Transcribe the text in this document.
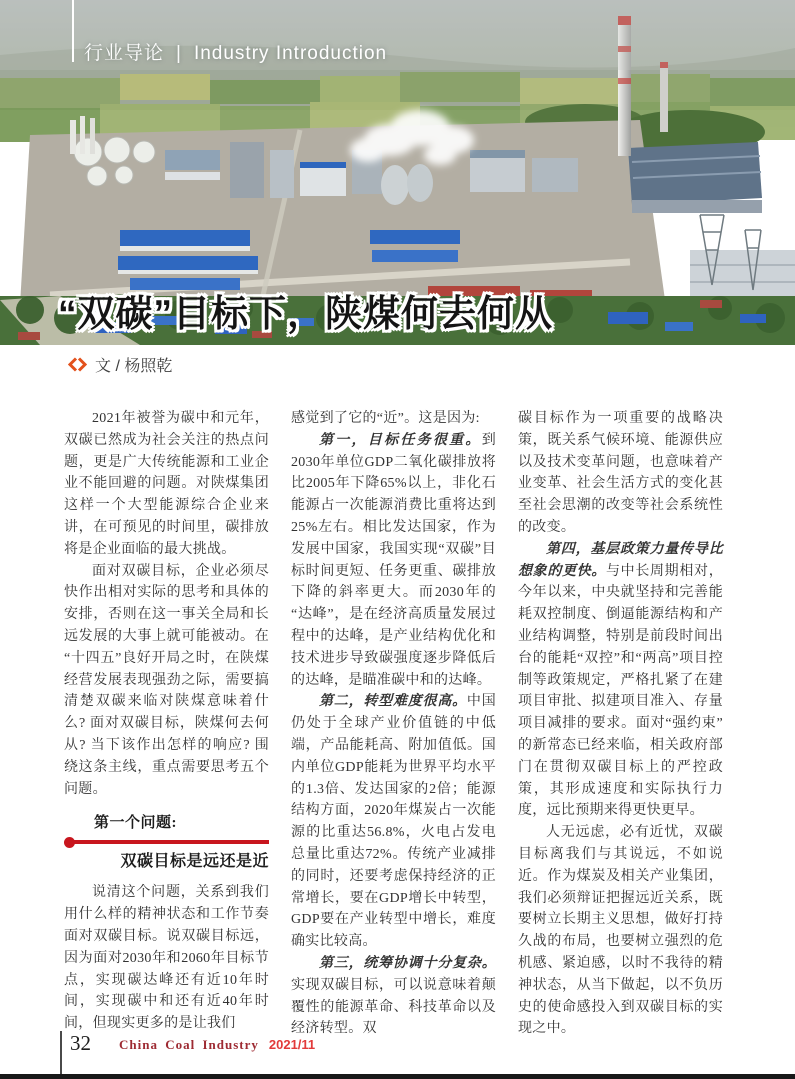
行业导论 | Industry Introduction
“双碳”目标下，陕煤何去何从
文 / 杨照乾

2021年被誉为碳中和元年，双碳已然成为社会关注的热点问题，更是广大传统能源和工业企业不能回避的问题。对陕煤集团这样一个大型能源综合企业来讲，在可预见的时间里，碳排放将是企业面临的最大挑战。

面对双碳目标，企业必须尽快作出相对实际的思考和具体的安排，否则在这一事关全局和长远发展的大事上就可能被动。在“十四五”良好开局之时，在陕煤经营发展表现强劲之际，需要搞清楚双碳来临对陕煤意味着什么? 面对双碳目标，陕煤何去何从? 当下该作出怎样的响应? 围绕这条主线，重点需要思考五个问题。

第一个问题:
双碳目标是远还是近

说清这个问题，关系到我们用什么样的精神状态和工作节奏面对双碳目标。说双碳目标远，因为面对2030年和2060年目标节点，实现碳达峰还有近10年时间，实现碳中和还有近40年时间，但现实更多的是让我们

感觉到了它的“近”。这是因为:

第一，目标任务很重。到2030年单位GDP二氧化碳排放将比2005年下降65%以上，非化石能源占一次能源消费比重将达到25%左右。相比发达国家，作为发展中国家，我国实现“双碳”目标时间更短、任务更重、碳排放下降的斜率更大。而2030年的“达峰”，是在经济高质量发展过程中的达峰，是产业结构优化和技术进步导致碳强度逐步降低后的达峰，是瞄准碳中和的达峰。

第二，转型难度很高。中国仍处于全球产业价值链的中低端，产品能耗高、附加值低。国内单位GDP能耗为世界平均水平的1.3倍、发达国家的2倍；能源结构方面，2020年煤炭占一次能源的比重达56.8%，火电占发电总量比重达72%。传统产业减排的同时，还要考虑保持经济的正常增长，要在GDP增长中转型，GDP要在产业转型中增长，难度确实比较高。

第三，统筹协调十分复杂。实现双碳目标，可以说意味着颠覆性的能源革命、科技革命以及经济转型。双

碳目标作为一项重要的战略决策，既关系气候环境、能源供应以及技术变革问题，也意味着产业变革、社会生活方式的变化甚至社会思潮的改变等社会系统性的改变。

第四，基层政策力量传导比想象的更快。与中长周期相对，今年以来，中央就坚持和完善能耗双控制度、倒逼能源结构和产业结构调整，特别是前段时间出台的能耗“双控”和“两高”项目控制等政策规定，严格扎紧了在建项目审批、拟建项目准入、存量项目减排的要求。面对“强约束”的新常态已经来临，相关政府部门在贯彻双碳目标上的严控政策，其形成速度和实际执行力度，远比预期来得更快更早。

人无远虑，必有近忧，双碳目标离我们与其说远，不如说近。作为煤炭及相关产业集团，我们必须辩证把握远近关系，既要树立长期主义思想，做好打持久战的布局，也要树立强烈的危机感、紧迫感，以时不我待的精神状态，从当下做起，以不负历史的使命感投入到双碳目标的实现之中。

32 China Coal Industry 2021/11
